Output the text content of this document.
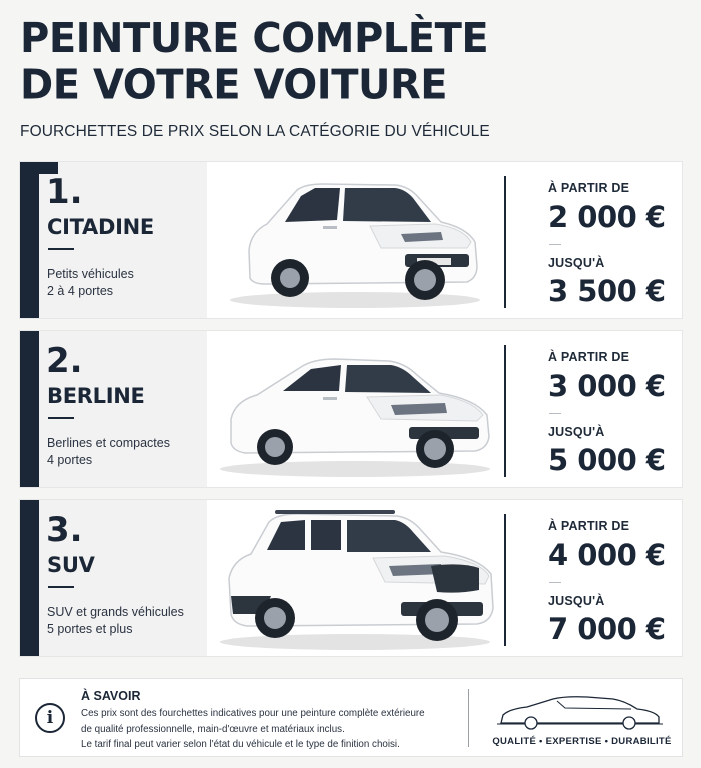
PEINTURE COMPLÈTE
DE VOTRE VOITURE
FOURCHETTES DE PRIX SELON LA CATÉGORIE DU VÉHICULE
1.
CITADINE
Petits véhicules
2 à 4 portes
À PARTIR DE
2 000 €
JUSQU'À
3 500 €
2.
BERLINE
Berlines et compactes
4 portes
À PARTIR DE
3 000 €
JUSQU'À
5 000 €
3.
SUV
SUV et grands véhicules
5 portes et plus
À PARTIR DE
4 000 €
JUSQU'À
7 000 €
i
À SAVOIR
Ces prix sont des fourchettes indicatives pour une peinture complète extérieure
de qualité professionnelle, main-d'œuvre et matériaux inclus.
Le tarif final peut varier selon l'état du véhicule et le type de finition choisi.	QUALITÉ • EXPERTISE • DURABILITÉ
